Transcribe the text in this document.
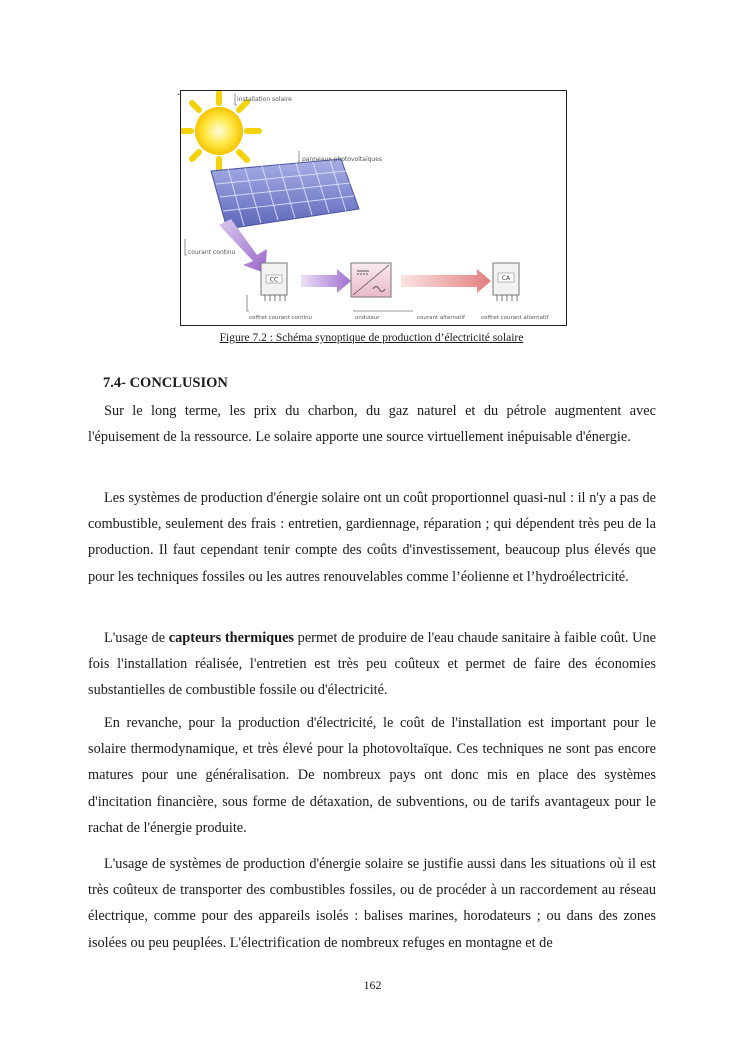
.
installation solaire
panneaux photovoltaïques
courant continu
CC	CA
coffret courant continu	onduleur	courant alternatif	coffret courant alternatif
Figure 7.2 : Schéma synoptique de production d’électricité solaire
7.4- CONCLUSION

Sur le long terme, les prix du charbon, du gaz naturel et du pétrole augmentent avec l'épuisement de la ressource. Le solaire apporte une source virtuellement inépuisable d'énergie.

Les systèmes de production d'énergie solaire ont un coût proportionnel quasi-nul : il n'y a pas de combustible, seulement des frais : entretien, gardiennage, réparation ; qui dépendent très peu de la production. Il faut cependant tenir compte des coûts d'investissement, beaucoup plus élevés que pour les techniques fossiles ou les autres renouvelables comme l’éolienne et l’hydroélectricité.

L'usage de capteurs thermiques permet de produire de l'eau chaude sanitaire à faible coût. Une fois l'installation réalisée, l'entretien est très peu coûteux et permet de faire des économies substantielles de combustible fossile ou d'électricité.

En revanche, pour la production d'électricité, le coût de l'installation est important pour le solaire thermodynamique, et très élevé pour la photovoltaïque. Ces techniques ne sont pas encore matures pour une généralisation. De nombreux pays ont donc mis en place des systèmes d'incitation financière, sous forme de détaxation, de subventions, ou de tarifs avantageux pour le rachat de l'énergie produite.

L'usage de systèmes de production d'énergie solaire se justifie aussi dans les situations où il est très coûteux de transporter des combustibles fossiles, ou de procéder à un raccordement au réseau électrique, comme pour des appareils isolés : balises marines, horodateurs ; ou dans des zones isolées ou peu peuplées. L'électrification de nombreux refuges en montagne et de

162
